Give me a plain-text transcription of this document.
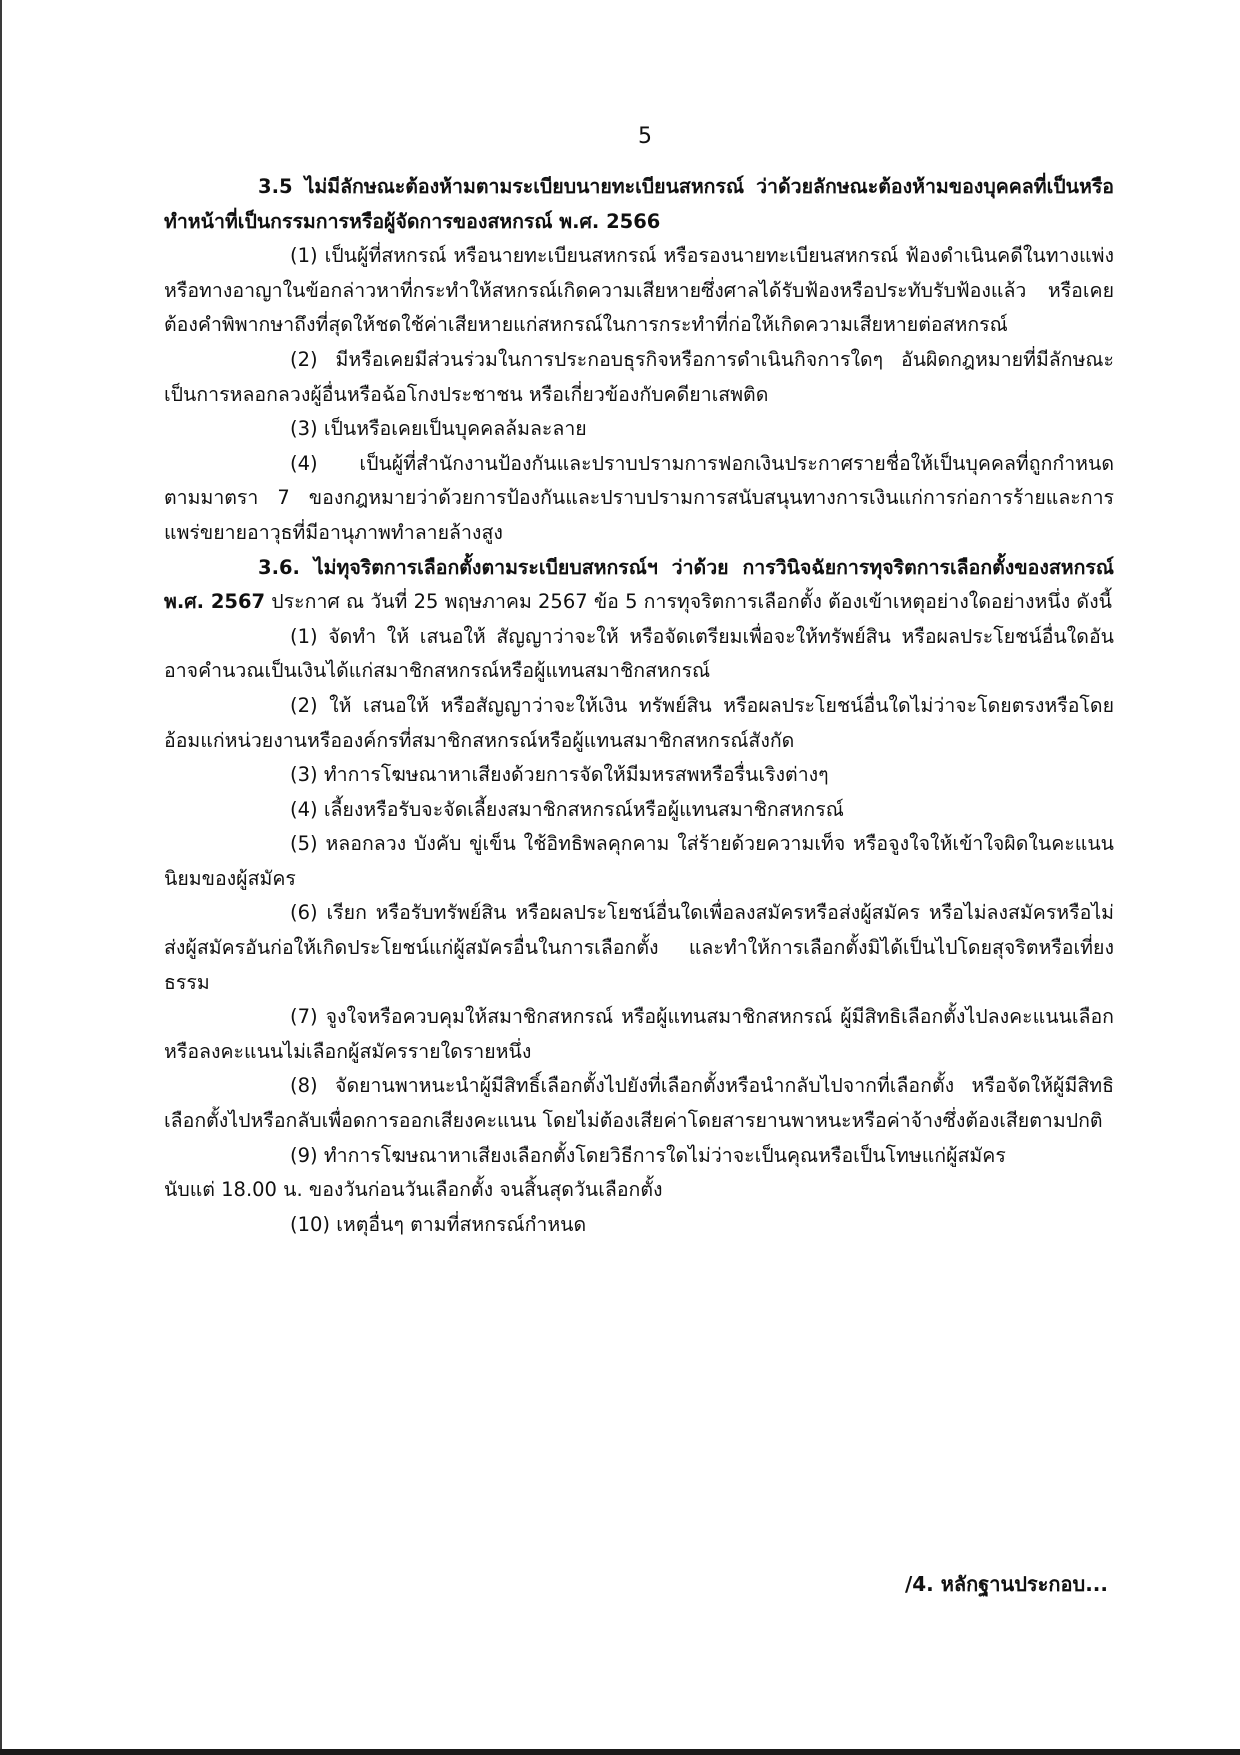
5

3.5 ไม่มีลักษณะต้องห้ามตามระเบียบนายทะเบียนสหกรณ์ ว่าด้วยลักษณะต้องห้ามของบุคคลที่เป็นหรือทำหน้าที่เป็นกรรมการหรือผู้จัดการของสหกรณ์ พ.ศ. 2566

(1) เป็นผู้ที่สหกรณ์ หรือนายทะเบียนสหกรณ์ หรือรองนายทะเบียนสหกรณ์ ฟ้องดำเนินคดีในทางแพ่งหรือทางอาญาในข้อกล่าวหาที่กระทำให้สหกรณ์เกิดความเสียหายซึ่งศาลได้รับฟ้องหรือประทับรับฟ้องแล้ว หรือเคยต้องคำพิพากษาถึงที่สุดให้ชดใช้ค่าเสียหายแก่สหกรณ์ในการกระทำที่ก่อให้เกิดความเสียหายต่อสหกรณ์

(2) มีหรือเคยมีส่วนร่วมในการประกอบธุรกิจหรือการดำเนินกิจการใดๆ อันผิดกฎหมายที่มีลักษณะเป็นการหลอกลวงผู้อื่นหรือฉ้อโกงประชาชน หรือเกี่ยวข้องกับคดียาเสพติด

(3) เป็นหรือเคยเป็นบุคคลล้มละลาย

(4) เป็นผู้ที่สำนักงานป้องกันและปราบปรามการฟอกเงินประกาศรายชื่อให้เป็นบุคคลที่ถูกกำหนดตามมาตรา 7 ของกฎหมายว่าด้วยการป้องกันและปราบปรามการสนับสนุนทางการเงินแก่การก่อการร้ายและการแพร่ขยายอาวุธที่มีอานุภาพทำลายล้างสูง

3.6. ไม่ทุจริตการเลือกตั้งตามระเบียบสหกรณ์ฯ ว่าด้วย การวินิจฉัยการทุจริตการเลือกตั้งของสหกรณ์ พ.ศ. 2567 ประกาศ ณ วันที่ 25 พฤษภาคม 2567 ข้อ 5 การทุจริตการเลือกตั้ง ต้องเข้าเหตุอย่างใดอย่างหนึ่ง ดังนี้

(1) จัดทำ ให้ เสนอให้ สัญญาว่าจะให้ หรือจัดเตรียมเพื่อจะให้ทรัพย์สิน หรือผลประโยชน์อื่นใดอันอาจคำนวณเป็นเงินได้แก่สมาชิกสหกรณ์หรือผู้แทนสมาชิกสหกรณ์

(2) ให้ เสนอให้ หรือสัญญาว่าจะให้เงิน ทรัพย์สิน หรือผลประโยชน์อื่นใดไม่ว่าจะโดยตรงหรือโดยอ้อมแก่หน่วยงานหรือองค์กรที่สมาชิกสหกรณ์หรือผู้แทนสมาชิกสหกรณ์สังกัด

(3) ทำการโฆษณาหาเสียงด้วยการจัดให้มีมหรสพหรือรื่นเริงต่างๆ

(4) เลี้ยงหรือรับจะจัดเลี้ยงสมาชิกสหกรณ์หรือผู้แทนสมาชิกสหกรณ์

(5) หลอกลวง บังคับ ขู่เข็น ใช้อิทธิพลคุกคาม ใส่ร้ายด้วยความเท็จ หรือจูงใจให้เข้าใจผิดในคะแนนนิยมของผู้สมัคร

(6) เรียก หรือรับทรัพย์สิน หรือผลประโยชน์อื่นใดเพื่อลงสมัครหรือส่งผู้สมัคร หรือไม่ลงสมัครหรือไม่ส่งผู้สมัครอันก่อให้เกิดประโยชน์แก่ผู้สมัครอื่นในการเลือกตั้ง และทำให้การเลือกตั้งมิได้เป็นไปโดยสุจริตหรือเที่ยงธรรม

(7) จูงใจหรือควบคุมให้สมาชิกสหกรณ์ หรือผู้แทนสมาชิกสหกรณ์ ผู้มีสิทธิเลือกตั้งไปลงคะแนนเลือกหรือลงคะแนนไม่เลือกผู้สมัครรายใดรายหนึ่ง

(8) จัดยานพาหนะนำผู้มีสิทธิ์เลือกตั้งไปยังที่เลือกตั้งหรือนำกลับไปจากที่เลือกตั้ง หรือจัดให้ผู้มีสิทธิเลือกตั้งไปหรือกลับเพื่อดการออกเสียงคะแนน โดยไม่ต้องเสียค่าโดยสารยานพาหนะหรือค่าจ้างซึ่งต้องเสียตามปกติ

(9) ทำการโฆษณาหาเสียงเลือกตั้งโดยวิธีการใดไม่ว่าจะเป็นคุณหรือเป็นโทษแก่ผู้สมัคร

นับแต่ 18.00 น. ของวันก่อนวันเลือกตั้ง จนสิ้นสุดวันเลือกตั้ง

(10) เหตุอื่นๆ ตามที่สหกรณ์กำหนด

/4. หลักฐานประกอบ...
